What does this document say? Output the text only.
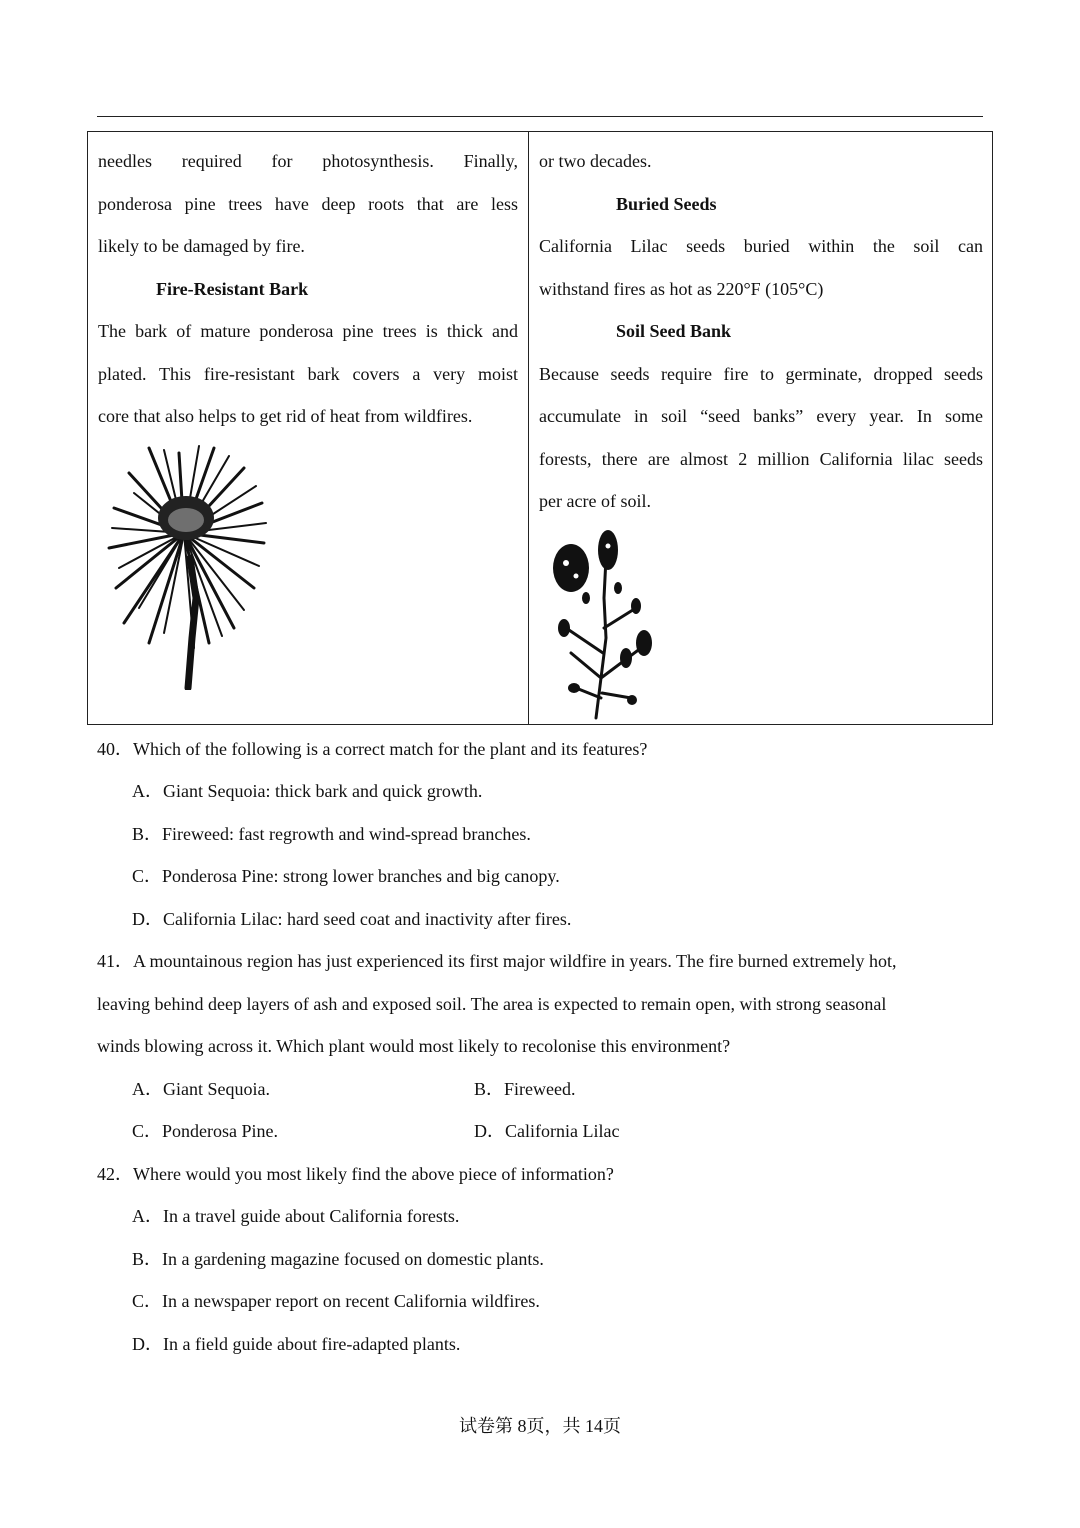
needles required for photosynthesis. Finally,
ponderosa pine trees have deep roots that are less
likely to be damaged by fire.
Fire-Resistant Bark
The bark of mature ponderosa pine trees is thick and
plated. This fire-resistant bark covers a very moist
core that also helps to get rid of heat from wildfires.
or two decades.
Buried Seeds
California Lilac seeds buried within the soil can
withstand fires as hot as 220°F (105°C)
Soil Seed Bank
Because seeds require fire to germinate, dropped seeds
accumulate in soil “seed banks” every year. In some
forests, there are almost 2 million California lilac seeds
per acre of soil.
40．Which of the following is a correct match for the plant and its features?
A．Giant Sequoia: thick bark and quick growth.
B．Fireweed: fast regrowth and wind-spread branches.
C．Ponderosa Pine: strong lower branches and big canopy.
D．California Lilac: hard seed coat and inactivity after fires.
41．A mountainous region has just experienced its first major wildfire in years. The fire burned extremely hot,
leaving behind deep layers of ash and exposed soil. The area is expected to remain open, with strong seasonal
winds blowing across it. Which plant would most likely to recolonise this environment?
A．Giant Sequoia.	B．Fireweed.
C．Ponderosa Pine.	D．California Lilac
42．Where would you most likely find the above piece of information?
A．In a travel guide about California forests.
B．In a gardening magazine focused on domestic plants.
C．In a newspaper report on recent California wildfires.
D．In a field guide about fire-adapted plants.
试卷第 8页，共 14页
